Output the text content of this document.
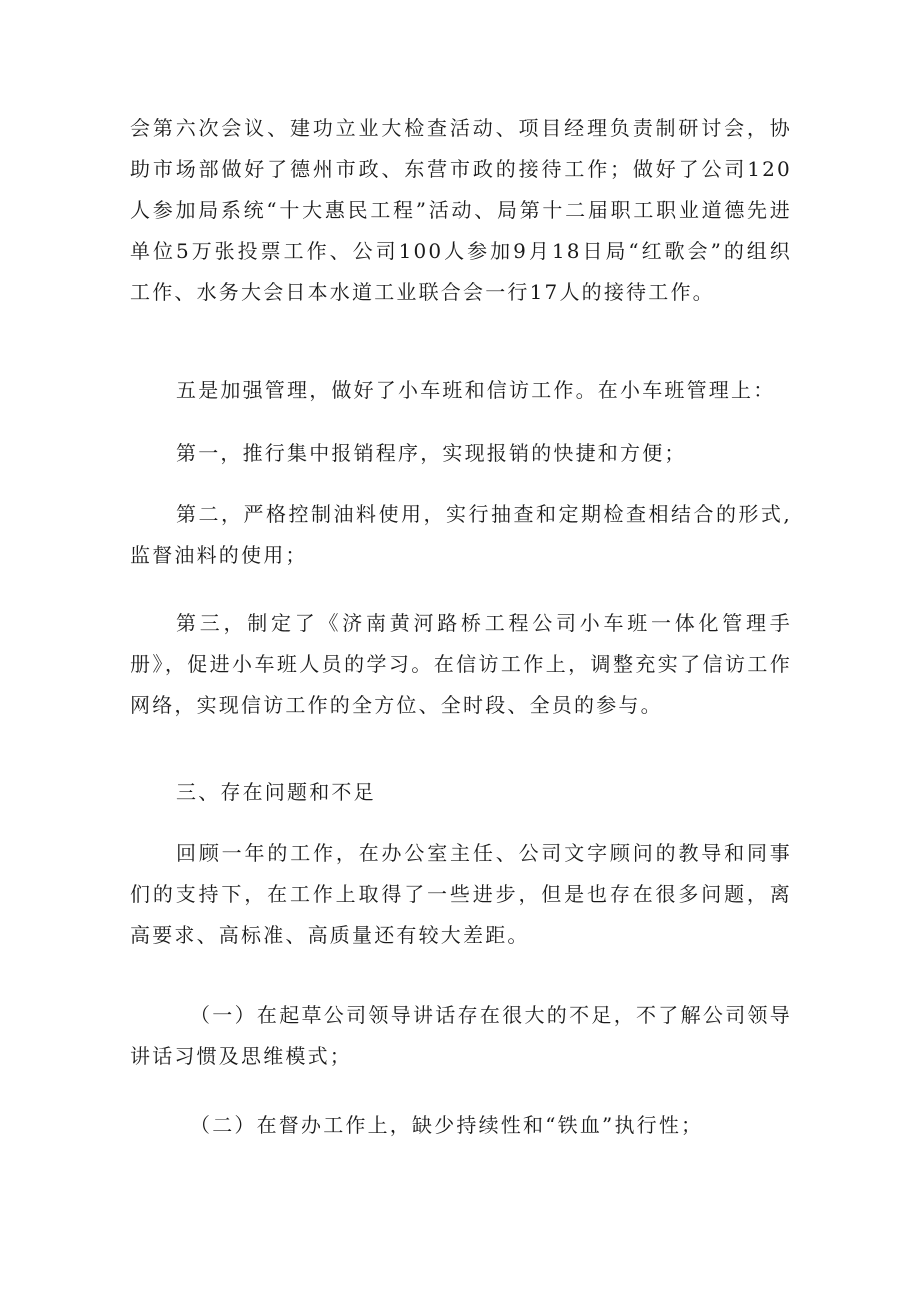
会第六次会议、建功立业大检查活动、项目经理负责制研讨会，协助市场部做好了德州市政、东营市政的接待工作；做好了公司120人参加局系统“十大惠民工程”活动、局第十二届职工职业道德先进单位5万张投票工作、公司100人参加9月18日局“红歌会”的组织工作、水务大会日本水道工业联合会一行17人的接待工作。

五是加强管理，做好了小车班和信访工作。在小车班管理上：

第一，推行集中报销程序，实现报销的快捷和方便；

第二，严格控制油料使用，实行抽查和定期检查相结合的形式,监督油料的使用；

第三，制定了《济南黄河路桥工程公司小车班一体化管理手册》，促进小车班人员的学习。在信访工作上，调整充实了信访工作网络，实现信访工作的全方位、全时段、全员的参与。

三、存在问题和不足

回顾一年的工作，在办公室主任、公司文字顾问的教导和同事们的支持下，在工作上取得了一些进步，但是也存在很多问题，离高要求、高标准、高质量还有较大差距。

（一）在起草公司领导讲话存在很大的不足，不了解公司领导讲话习惯及思维模式；

（二）在督办工作上，缺少持续性和“铁血”执行性；
